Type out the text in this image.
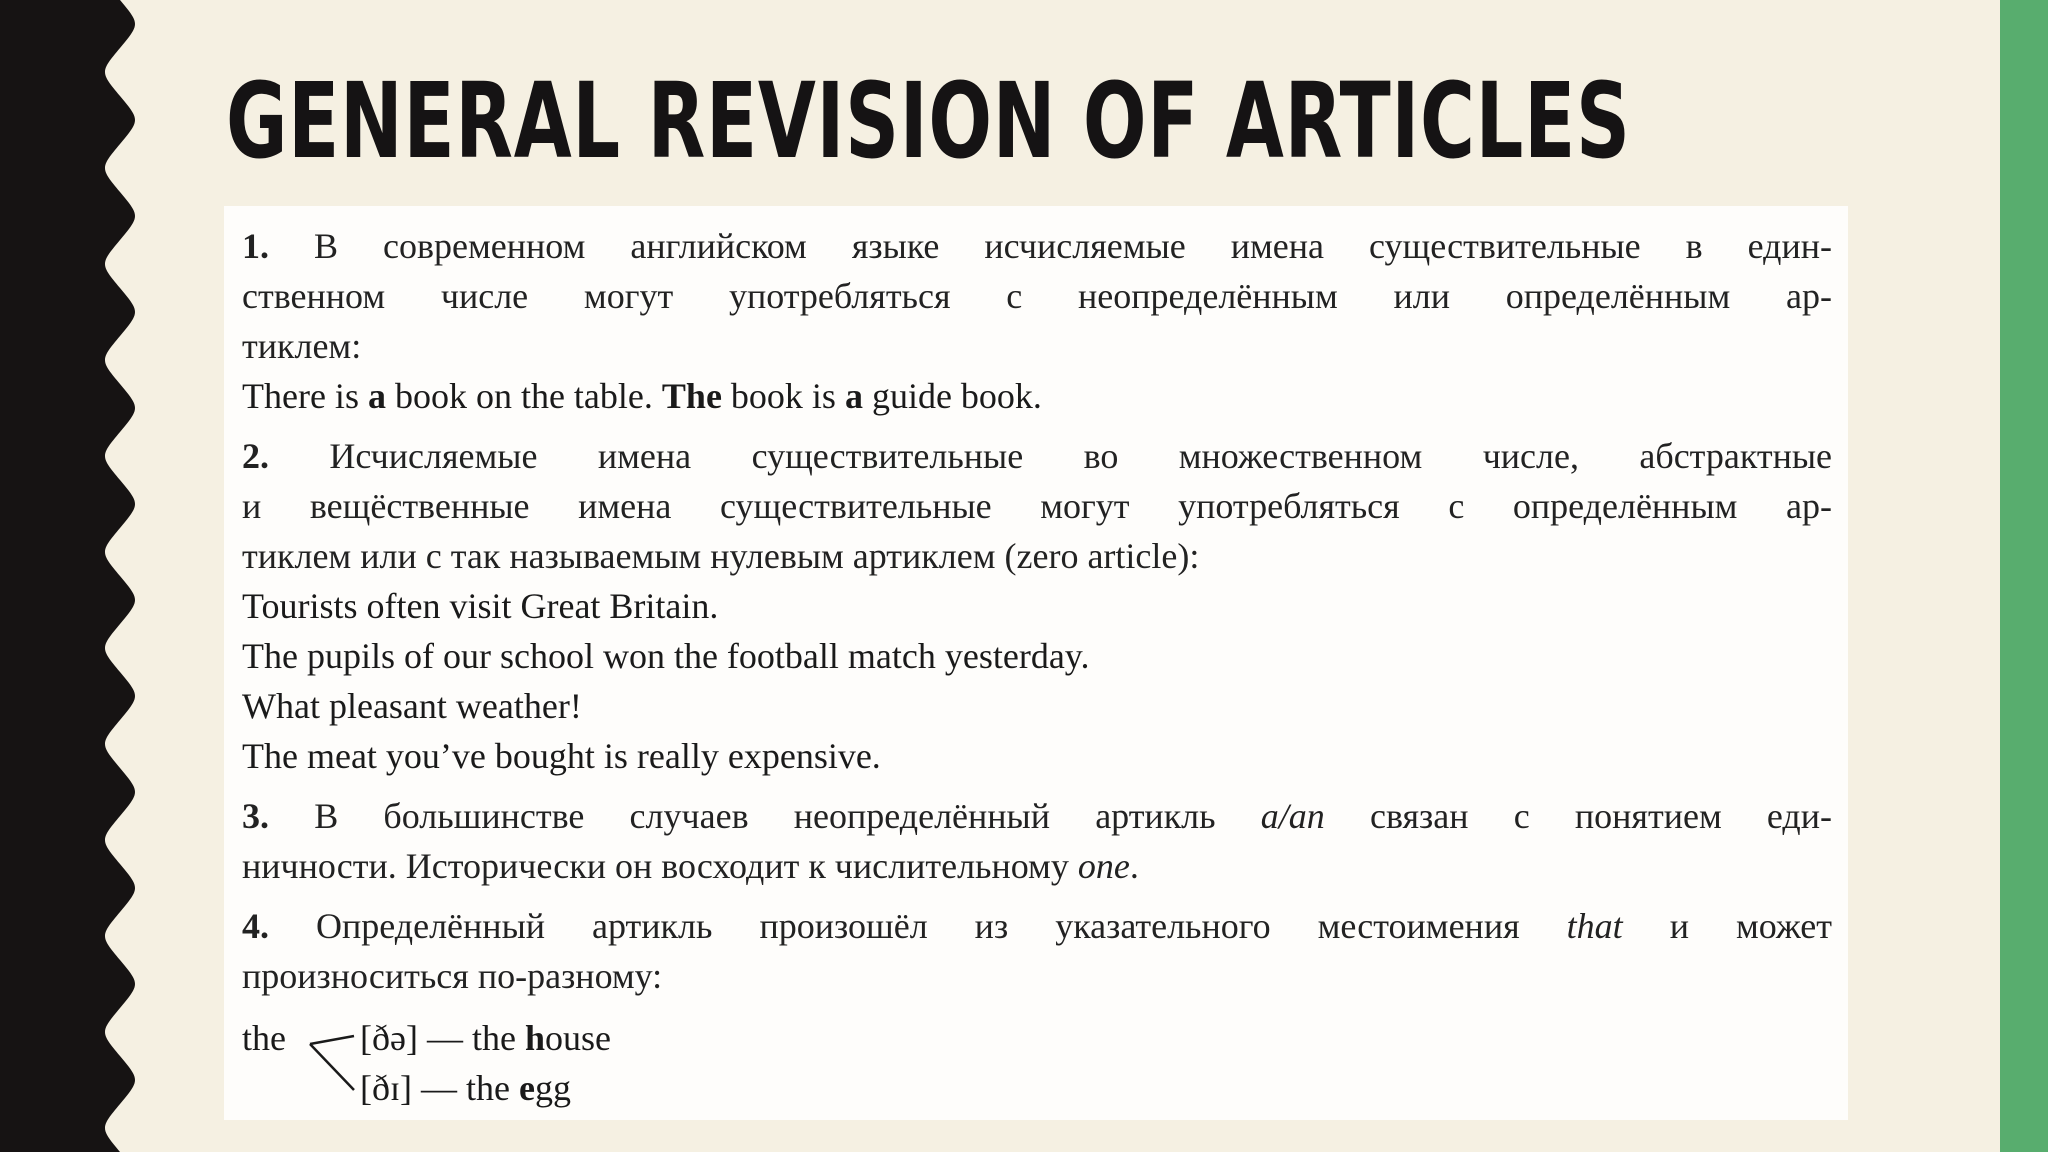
GENERAL REVISION OF ARTICLES
1. В современном английском языке исчисляемые имена существительные в един-
ственном числе могут употребляться с неопределённым или определённым ар-
тиклем:
There is a book on the table. The book is a guide book.
2. Исчисляемые имена существительные во множественном числе, абстрактные
и вещёственные имена существительные могут употребляться с определённым ар-
тиклем или с так называемым нулевым артиклем (zero article):
Tourists often visit Great Britain.
The pupils of our school won the football match yesterday.
What pleasant weather!
The meat you’ve bought is really expensive.
3. В большинстве случаев неопределённый артикль a/an связан с понятием еди-
ничности. Исторически он восходит к числительному one.
4. Определённый артикль произошёл из указательного местоимения that и может
произноситься по-разному:
the [ðə] — the house
[ðɪ] — the egg
